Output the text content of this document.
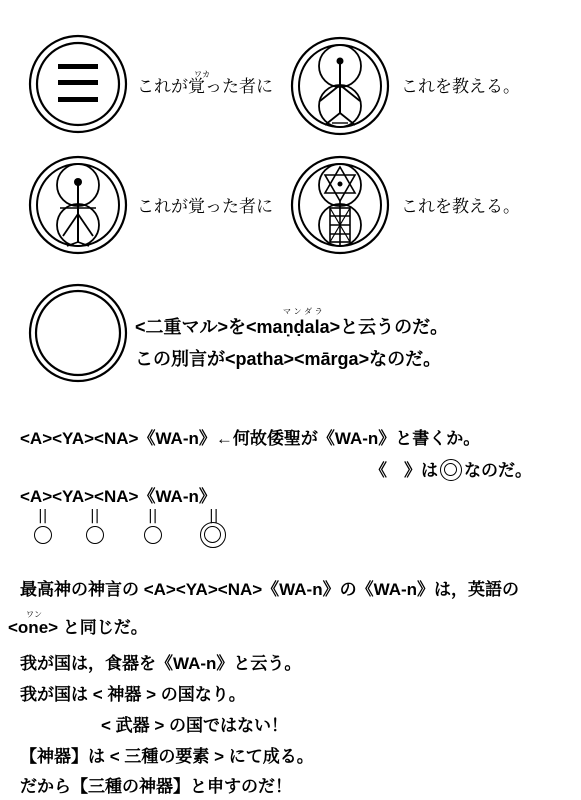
ワカ
これが覚った者に	これを教える。
これが覚った者に	これを教える。
マ ン ダ ラ
<二重マル>を<maṇḍala>と云うのだ。
この別言が<patha><mārga>なのだ。
<A><YA><NA>《WA-n》←何故倭聖が《WA-n》と書くか。
《　》は なのだ。
<A><YA><NA>《WA-n》
||	||	||	||
最高神の神言の <A><YA><NA>《WA-n》の《WA-n》は，英語の
ワン
<one> と同じだ。
我が国は，食器を《WA-n》と云う。
我が国は < 神器 > の国なり。
< 武器 > の国ではない！
【神器】は < 三種の要素 > にて成る。
だから【三種の神器】と申すのだ！
